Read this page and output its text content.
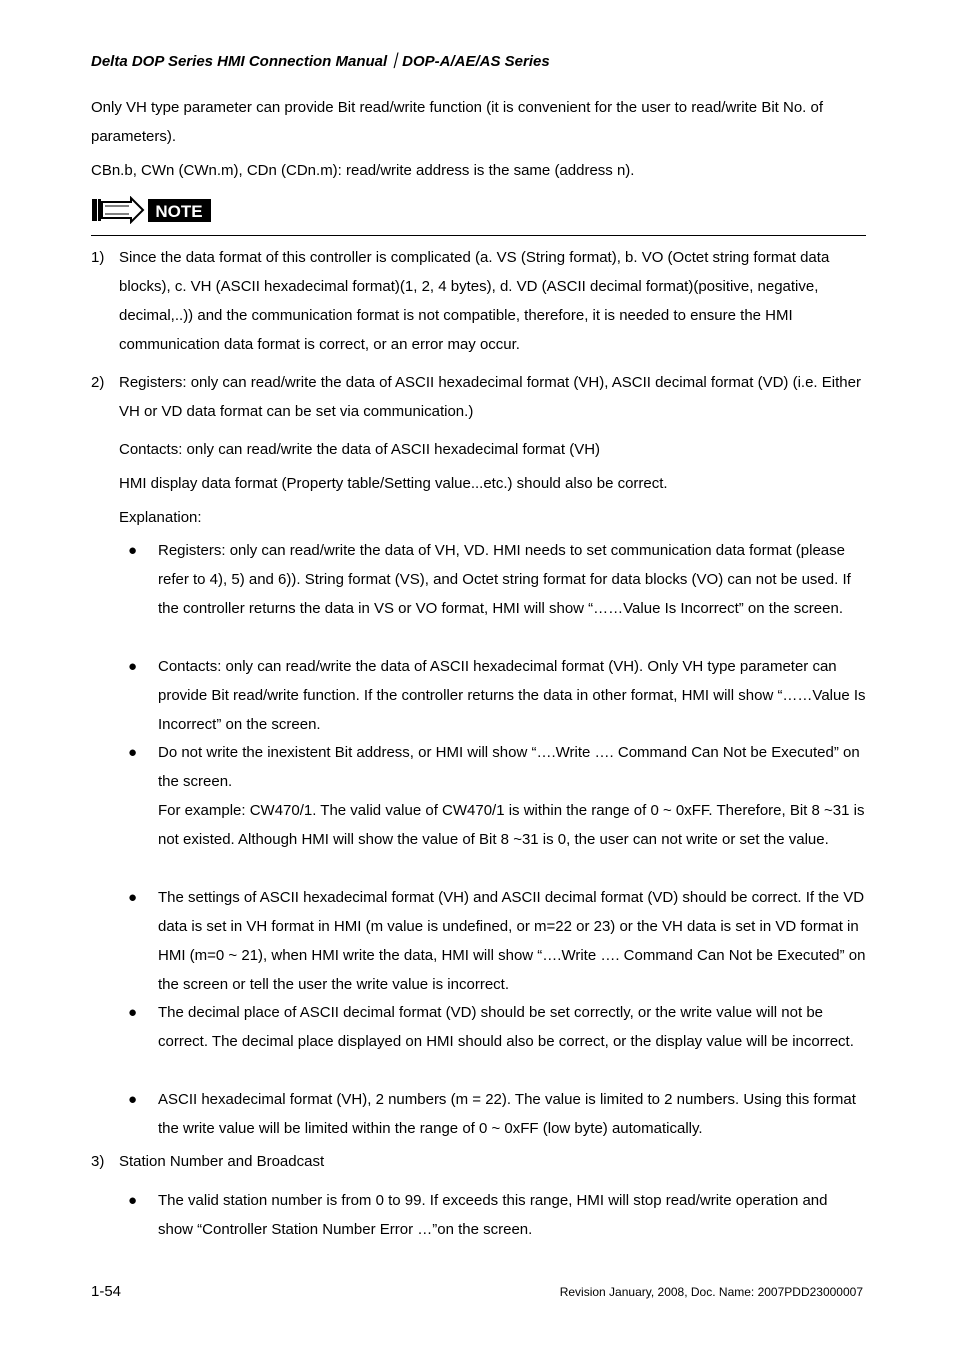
Delta DOP Series HMI Connection Manual｜DOP-A/AE/AS Series
Only VH type parameter can provide Bit read/write function (it is convenient for the user to read/write Bit No. of parameters).
CBn.b, CWn (CWn.m), CDn (CDn.m): read/write address is the same (address n).
NOTE
1) Since the data format of this controller is complicated (a. VS (String format), b. VO (Octet string format data blocks), c. VH (ASCII hexadecimal format)(1, 2, 4 bytes), d. VD (ASCII decimal format)(positive, negative, decimal,..)) and the communication format is not compatible, therefore, it is needed to ensure the HMI communication data format is correct, or an error may occur.
2) Registers: only can read/write the data of ASCII hexadecimal format (VH), ASCII decimal format (VD) (i.e. Either VH or VD data format can be set via communication.)
Contacts: only can read/write the data of ASCII hexadecimal format (VH)
HMI display data format (Property table/Setting value...etc.) should also be correct.
Explanation:
● Registers: only can read/write the data of VH, VD. HMI needs to set communication data format (please refer to 4), 5) and 6)). String format (VS), and Octet string format for data blocks (VO) can not be used. If the controller returns the data in VS or VO format, HMI will show “……Value Is Incorrect” on the screen.
● Contacts: only can read/write the data of ASCII hexadecimal format (VH). Only VH type parameter can provide Bit read/write function. If the controller returns the data in other format, HMI will show “……Value Is Incorrect” on the screen.
● Do not write the inexistent Bit address, or HMI will show “….Write …. Command Can Not be Executed” on the screen.
For example: CW470/1. The valid value of CW470/1 is within the range of 0 ~ 0xFF. Therefore, Bit 8 ~31 is not existed. Although HMI will show the value of Bit 8 ~31 is 0, the user can not write or set the value.
● The settings of ASCII hexadecimal format (VH) and ASCII decimal format (VD) should be correct. If the VD data is set in VH format in HMI (m value is undefined, or m=22 or 23) or the VH data is set in VD format in HMI (m=0 ~ 21), when HMI write the data, HMI will show “….Write …. Command Can Not be Executed” on the screen or tell the user the write value is incorrect.
● The decimal place of ASCII decimal format (VD) should be set correctly, or the write value will not be correct. The decimal place displayed on HMI should also be correct, or the display value will be incorrect.
● ASCII hexadecimal format (VH), 2 numbers (m = 22). The value is limited to 2 numbers. Using this format the write value will be limited within the range of 0 ~ 0xFF (low byte) automatically.
3) Station Number and Broadcast
● The valid station number is from 0 to 99. If exceeds this range, HMI will stop read/write operation and show “Controller Station Number Error …”on the screen.
1-54	Revision January, 2008, Doc. Name: 2007PDD23000007
